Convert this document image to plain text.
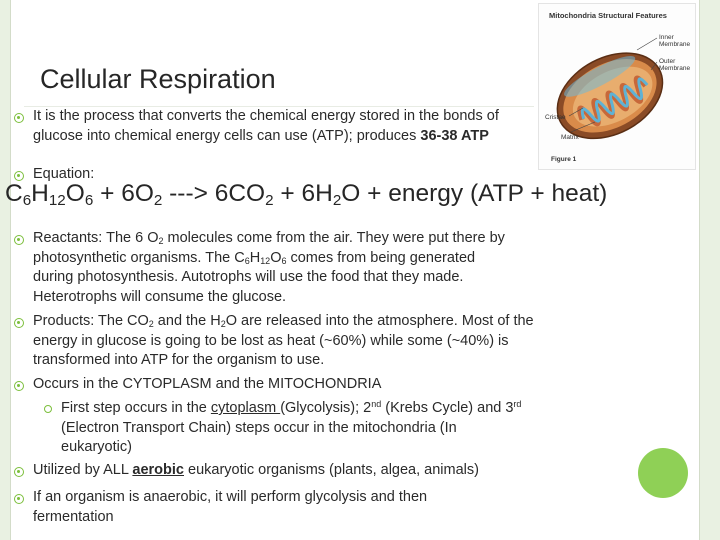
Cellular Respiration
Mitochondria Structural Features
Inner Membrane
Outer Membrane
Cristae
Matrix
Figure 1
It is the process that converts the chemical energy stored in the bonds of glucose into chemical energy cells can use (ATP); produces 36-38 ATP
Equation:
$C_6H_{12}O_6 + 6O_2$ ---> $6CO_2 + 6H_2O$ + energy (ATP + heat)
Reactants: The 6 $O_2$ molecules come from the air. They were put there by photosynthetic organisms. The $C_6H_{12}O_6$ comes from being generated during photosynthesis. Autotrophs will use the food that they made. Heterotrophs will consume the glucose.
Products: The $CO_2$ and the $H_2O$ are released into the atmosphere. Most of the energy in glucose is going to be lost as heat (~60%) while some (~40%) is transformed into ATP for the organism to use.
Occurs in the CYTOPLASM and the MITOCHONDRIA
First step occurs in the cytoplasm (Glycolysis); 2nd (Krebs Cycle) and 3rd (Electron Transport Chain) steps occur in the mitochondria (In eukaryotic)
Utilized by ALL aerobic eukaryotic organisms (plants, algea, animals)
If an organism is anaerobic, it will perform glycolysis and then fermentation
